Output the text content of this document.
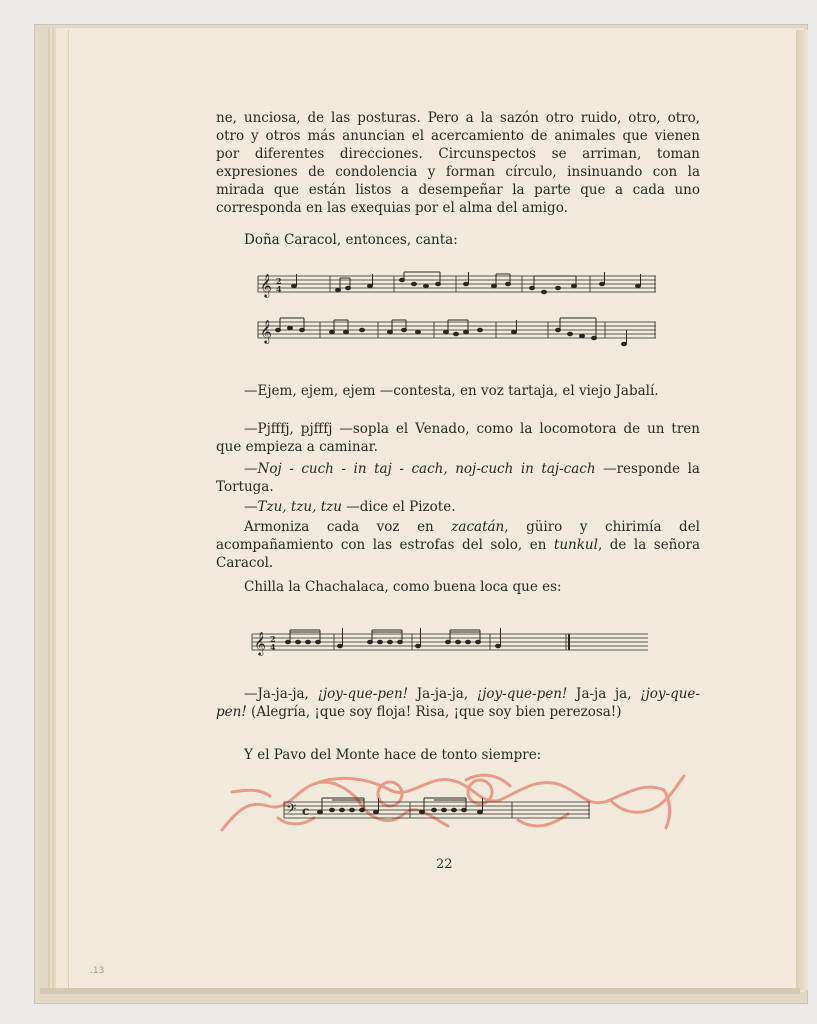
.13
ne, unciosa, de las posturas. Pero a la sazón otro ruido, otro, otro, otro y otros más anuncian el acercamiento de animales que vienen por diferentes direcciones. Circunspectos se arriman, toman expresiones de condolencia y forman círculo, insinuando con la mirada que están listos a desempeñar la parte que a cada uno corresponda en las exequias por el alma del amigo.
Doña Caracol, entonces, canta:
𝄞 2
4
𝄞
—Ejem, ejem, ejem —contesta, en voz tartaja, el viejo Jabalí.
—Pjfffj, pjfffj —sopla el Venado, como la locomotora de un tren que empieza a caminar.
—Noj - cuch - in taj - cach, noj-cuch in taj-cach —responde la Tortuga.
—Tzu, tzu, tzu —dice el Pizote.
Armoniza cada voz en zacatán, güiro y chirimía del acompañamiento con las estrofas del solo, en tunkul, de la señora Caracol.
Chilla la Chachalaca, como buena loca que es:
𝄞 2
4
—Ja-ja-ja, ¡joy-que-pen! Ja-ja-ja, ¡joy-que-pen! Ja-ja ja, ¡joy-que-pen! (Alegría, ¡que soy floja! Risa, ¡que soy bien perezosa!)
Y el Pavo del Monte hace de tonto siempre:
𝄢 c
22
